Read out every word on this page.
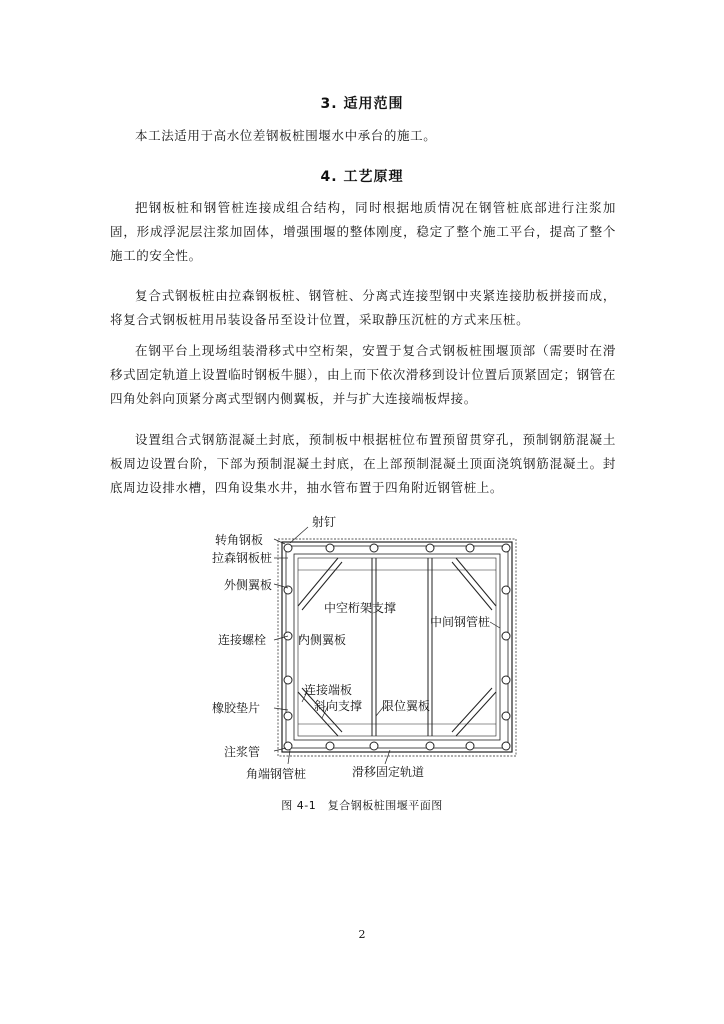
3. 适用范围
本工法适用于高水位差钢板桩围堰水中承台的施工。
4. 工艺原理
把钢板桩和钢管桩连接成组合结构，同时根据地质情况在钢管桩底部进行注浆加固，形成浮泥层注浆加固体，增强围堰的整体刚度，稳定了整个施工平台，提高了整个施工的安全性。
复合式钢板桩由拉森钢板桩、钢管桩、分离式连接型钢中夹紧连接肋板拼接而成，将复合式钢板桩用吊装设备吊至设计位置，采取静压沉桩的方式来压桩。
在钢平台上现场组装滑移式中空桁架，安置于复合式钢板桩围堰顶部（需要时在滑移式固定轨道上设置临时钢板牛腿），由上而下依次滑移到设计位置后顶紧固定；钢管在四角处斜向顶紧分离式型钢内侧翼板，并与扩大连接端板焊接。
设置组合式钢筋混凝土封底，预制板中根据桩位布置预留贯穿孔，预制钢筋混凝土板周边设置台阶，下部为预制混凝土封底，在上部预制混凝土顶面浇筑钢筋混凝土。封底周边设排水槽，四角设集水井，抽水管布置于四角附近钢管桩上。
射钉
转角钢板
拉森钢板桩
外侧翼板
中空桁架支撑
中间钢管桩
连接螺栓	内侧翼板
连接端板
斜向支撑 限位翼板
橡胶垫片
注浆管
角端钢管桩	滑移固定轨道
图 4-1　复合钢板桩围堰平面图
2
